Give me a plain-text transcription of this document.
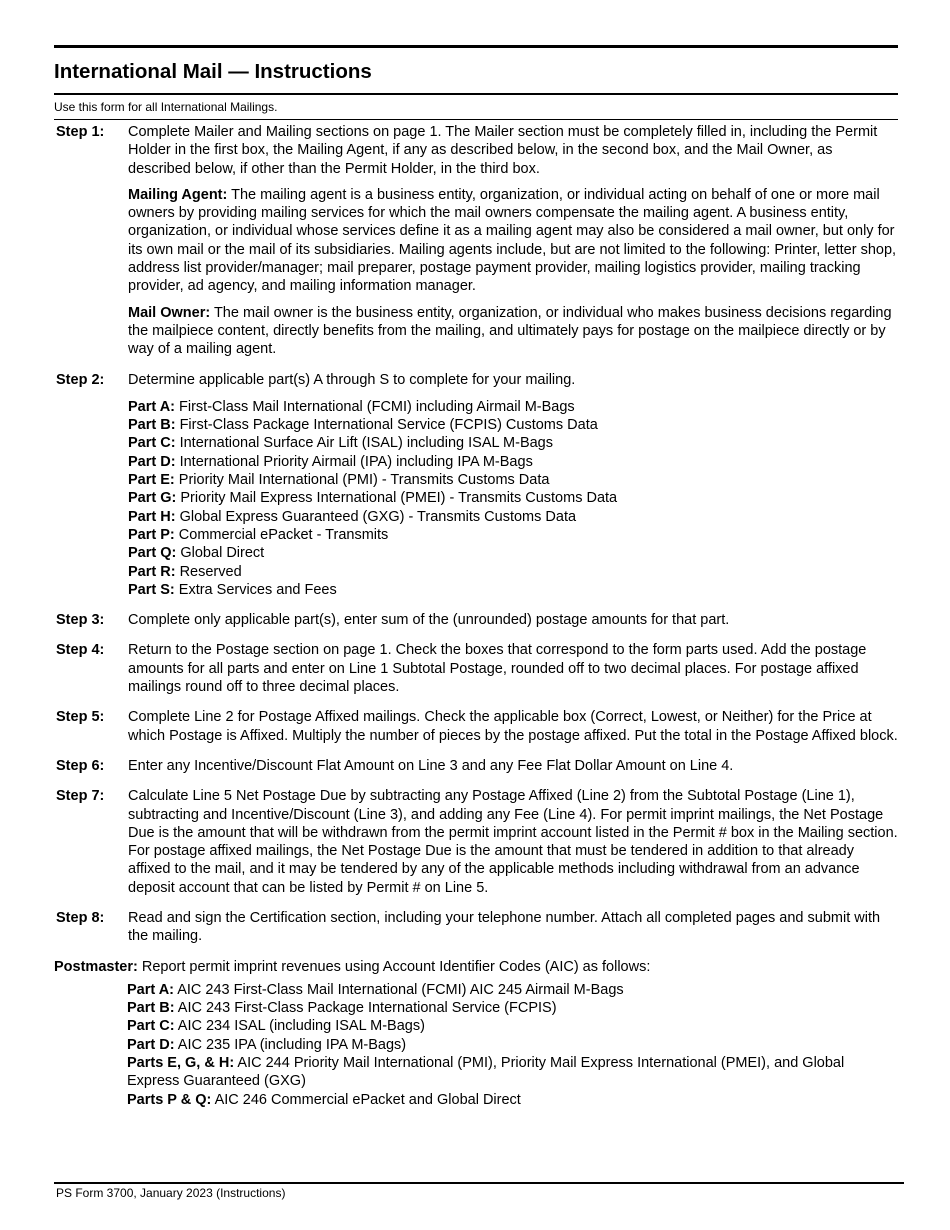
International Mail — Instructions
Use this form for all International Mailings.
Step 1: Complete Mailer and Mailing sections on page 1. The Mailer section must be completely filled in, including the Permit Holder in the first box, the Mailing Agent, if any as described below, in the second box, and the Mail Owner, as described below, if other than the Permit Holder, in the third box.

Mailing Agent: The mailing agent is a business entity, organization, or individual acting on behalf of one or more mail owners by providing mailing services for which the mail owners compensate the mailing agent. A business entity, organization, or individual whose services define it as a mailing agent may also be considered a mail owner, but only for its own mail or the mail of its subsidiaries. Mailing agents include, but are not limited to the following: Printer, letter shop, address list provider/manager; mail preparer, postage payment provider, mailing logistics provider, mailing tracking provider, ad agency, and mailing information manager.

Mail Owner: The mail owner is the business entity, organization, or individual who makes business decisions regarding the mailpiece content, directly benefits from the mailing, and ultimately pays for postage on the mailpiece directly or by way of a mailing agent.

Step 2: Determine applicable part(s) A through S to complete for your mailing.

Part A: First-Class Mail International (FCMI) including Airmail M-Bags
Part B: First-Class Package International Service (FCPIS) Customs Data
Part C: International Surface Air Lift (ISAL) including ISAL M-Bags
Part D: International Priority Airmail (IPA) including IPA M-Bags
Part E: Priority Mail International (PMI) - Transmits Customs Data
Part G: Priority Mail Express International (PMEI) - Transmits Customs Data
Part H: Global Express Guaranteed (GXG) - Transmits Customs Data
Part P: Commercial ePacket - Transmits
Part Q: Global Direct
Part R: Reserved
Part S: Extra Services and Fees
Step 3: Complete only applicable part(s), enter sum of the (unrounded) postage amounts for that part.

Step 4: Return to the Postage section on page 1. Check the boxes that correspond to the form parts used. Add the postage amounts for all parts and enter on Line 1 Subtotal Postage, rounded off to two decimal places. For postage affixed mailings round off to three decimal places.

Step 5: Complete Line 2 for Postage Affixed mailings. Check the applicable box (Correct, Lowest, or Neither) for the Price at which Postage is Affixed. Multiply the number of pieces by the postage affixed. Put the total in the Postage Affixed block.

Step 6: Enter any Incentive/Discount Flat Amount on Line 3 and any Fee Flat Dollar Amount on Line 4.

Step 7: Calculate Line 5 Net Postage Due by subtracting any Postage Affixed (Line 2) from the Subtotal Postage (Line 1), subtracting and Incentive/Discount (Line 3), and adding any Fee (Line 4). For permit imprint mailings, the Net Postage Due is the amount that will be withdrawn from the permit imprint account listed in the Permit # box in the Mailing section. For postage affixed mailings, the Net Postage Due is the amount that must be tendered in addition to that already affixed to the mail, and it may be tendered by any of the applicable methods including withdrawal from an advance deposit account that can be listed by Permit # on Line 5.

Step 8: Read and sign the Certification section, including your telephone number. Attach all completed pages and submit with the mailing.

Postmaster: Report permit imprint revenues using Account Identifier Codes (AIC) as follows:
Part A: AIC 243 First-Class Mail International (FCMI) AIC 245 Airmail M-Bags
Part B: AIC 243 First-Class Package International Service (FCPIS)
Part C: AIC 234 ISAL (including ISAL M-Bags)
Part D: AIC 235 IPA (including IPA M-Bags)
Parts E, G, & H: AIC 244 Priority Mail International (PMI), Priority Mail Express International (PMEI), and Global Express Guaranteed (GXG)
Parts P & Q: AIC 246 Commercial ePacket and Global Direct
PS Form 3700, January 2023 (Instructions)
